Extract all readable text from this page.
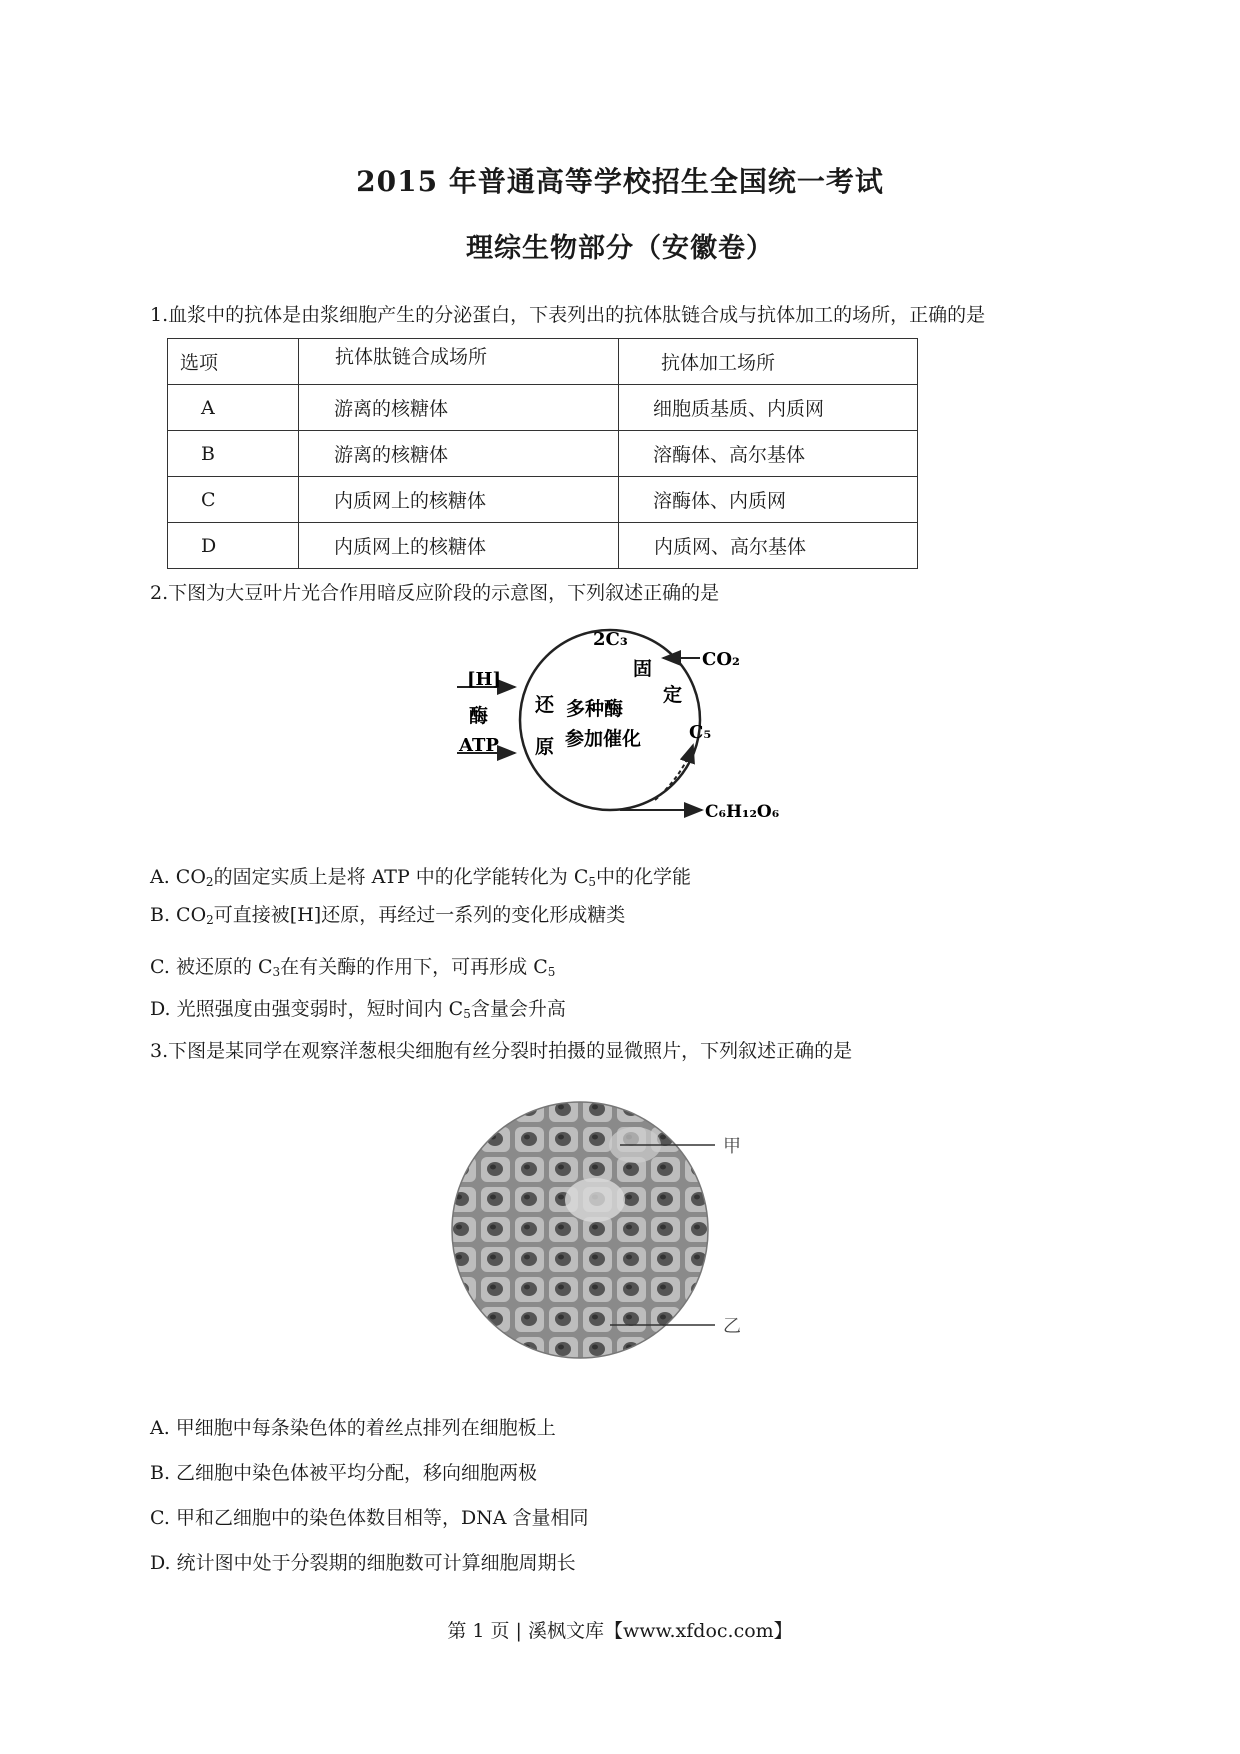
2015 年普通高等学校招生全国统一考试
理综生物部分（安徽卷）
1.血浆中的抗体是由浆细胞产生的分泌蛋白，下表列出的抗体肽链合成与抗体加工的场所，正确的是
选项	抗体肽链合成场所	抗体加工场所
A	游离的核糖体	细胞质基质、内质网
B	游离的核糖体	溶酶体、高尔基体
C	内质网上的核糖体	溶酶体、内质网
D	内质网上的核糖体	内质网、高尔基体
2.下图为大豆叶片光合作用暗反应阶段的示意图，下列叙述正确的是
2C₃
CO₂
固
定
C₅
[H]
酶
ATP
还
原
多种酶
参加催化
C₆H₁₂O₆
A. $CO_2$的固定实质上是将 ATP 中的化学能转化为 $C_5$中的化学能
B. $CO_2$可直接被[H]还原，再经过一系列的变化形成糖类
C. 被还原的 $C_3$在有关酶的作用下，可再形成 $C_5$
D. 光照强度由强变弱时，短时间内 $C_5$含量会升高
3.下图是某同学在观察洋葱根尖细胞有丝分裂时拍摄的显微照片，下列叙述正确的是
甲
乙
A. 甲细胞中每条染色体的着丝点排列在细胞板上
B. 乙细胞中染色体被平均分配，移向细胞两极
C. 甲和乙细胞中的染色体数目相等，DNA 含量相同
D. 统计图中处于分裂期的细胞数可计算细胞周期长
第 1 页 | 溪枫文库【www.xfdoc.com】
